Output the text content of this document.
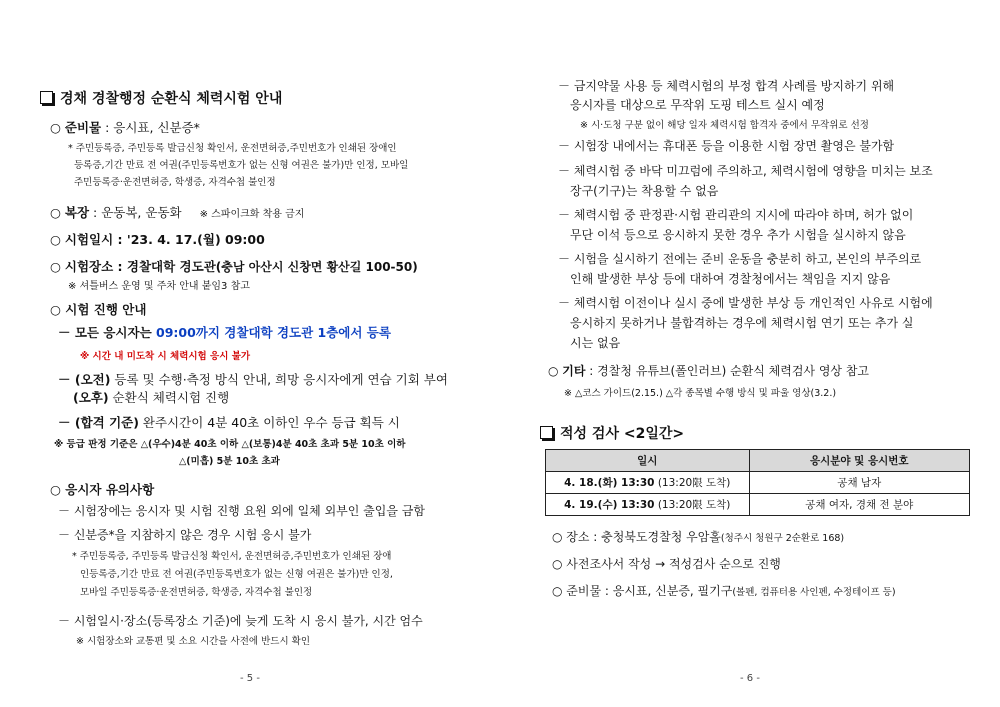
경채 경찰행정 순환식 체력시험 안내
○ 준비물 : 응시표, 신분증*
* 주민등록증, 주민등록 발급신청 확인서, 운전면허증,주민번호가 인쇄된 장애인
등록증,기간 만료 전 여권(주민등록번호가 없는 신형 여권은 불가)만 인정, 모바일
주민등록증·운전면허증, 학생증, 자격수첩 불인정
○ 복장 : 운동복, 운동화 ※ 스파이크화 착용 금지
○ 시험일시 : '23. 4. 17.(월) 09:00
○ 시험장소 : 경찰대학 경도관(충남 아산시 신창면 황산길 100-50)
※ 셔틀버스 운영 및 주차 안내 붙임3 참고
○ 시험 진행 안내
－ 모든 응시자는 09:00까지 경찰대학 경도관 1층에서 등록
※ 시간 내 미도착 시 체력시험 응시 불가
－ (오전) 등록 및 수행·측정 방식 안내, 희망 응시자에게 연습 기회 부여
(오후) 순환식 체력시험 진행
－ (합격 기준) 완주시간이 4분 40초 이하인 우수 등급 획득 시
※ 등급 판정 기준은 △(우수)4분 40초 이하 △(보통)4분 40초 초과 5분 10초 이하
△(미흡) 5분 10초 초과
○ 응시자 유의사항
－ 시험장에는 응시자 및 시험 진행 요원 외에 일체 외부인 출입을 금함
－ 신분증*을 지참하지 않은 경우 시험 응시 불가
* 주민등록증, 주민등록 발급신청 확인서, 운전면허증,주민번호가 인쇄된 장애
인등록증,기간 만료 전 여권(주민등록번호가 없는 신형 여권은 불가)만 인정,
모바일 주민등록증·운전면허증, 학생증, 자격수첩 불인정
－ 시험일시·장소(등록장소 기준)에 늦게 도착 시 응시 불가, 시간 엄수
※ 시험장소와 교통편 및 소요 시간을 사전에 반드시 확인
- 5 -
－ 금지약물 사용 등 체력시험의 부정 합격 사례를 방지하기 위해
응시자를 대상으로 무작위 도핑 테스트 실시 예정
※ 시·도청 구분 없이 해당 일자 체력시험 합격자 중에서 무작위로 선정
－ 시험장 내에서는 휴대폰 등을 이용한 시험 장면 촬영은 불가함
－ 체력시험 중 바닥 미끄럼에 주의하고, 체력시험에 영향을 미치는 보조
장구(기구)는 착용할 수 없음
－ 체력시험 중 판정관·시험 관리관의 지시에 따라야 하며, 허가 없이
무단 이석 등으로 응시하지 못한 경우 추가 시험을 실시하지 않음
－ 시험을 실시하기 전에는 준비 운동을 충분히 하고, 본인의 부주의로
인해 발생한 부상 등에 대하여 경찰청에서는 책임을 지지 않음
－ 체력시험 이전이나 실시 중에 발생한 부상 등 개인적인 사유로 시험에
응시하지 못하거나 불합격하는 경우에 체력시험 연기 또는 추가 실
시는 없음
○ 기타 : 경찰청 유튜브(폴인러브) 순환식 체력검사 영상 참고
※ △코스 가이드(2.15.) △각 종목별 수행 방식 및 파울 영상(3.2.)
적성 검사 <2일간>
일시	응시분야 및 응시번호
4. 18.(화) 13:30 (13:20限 도착)	공채 남자
4. 19.(수) 13:30 (13:20限 도착)	공채 여자, 경채 전 분야
○ 장소 : 충청북도경찰청 우암홀(청주시 청원구 2순환로 168)
○ 사전조사서 작성 → 적성검사 순으로 진행
○ 준비물 : 응시표, 신분증, 필기구(볼펜, 컴퓨터용 사인펜, 수정테이프 등)
- 6 -
